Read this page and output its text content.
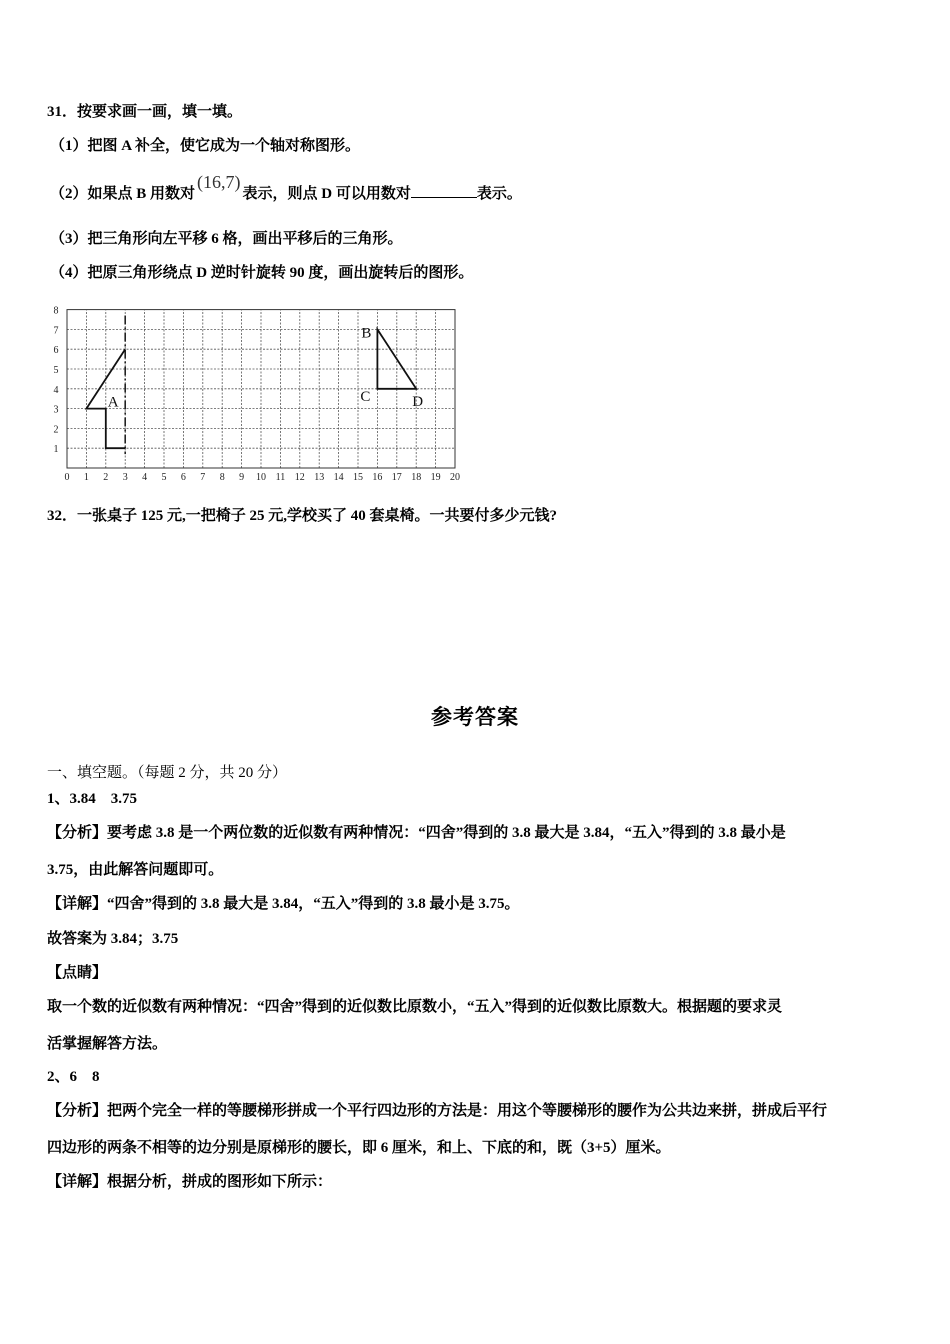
31．按要求画一画，填一填。
（1）把图 A 补全，使它成为一个轴对称图形。
（2）如果点 B 用数对(16,7)表示，则点 D 可以用数对	表示。
（3）把三角形向左平移 6 格，画出平移后的三角形。
（4）把原三角形绕点 D 逆时针旋转 90 度，画出旋转后的图形。
0 1 2 3 4 5 6 7 8 9 10 11 12 13 14 15 16 17 18 19 20
1
2
3
4
5
6
7
8
A
B
C	D
32．一张桌子 125 元,一把椅子 25 元,学校买了 40 套桌椅。一共要付多少元钱?
参考答案
一、填空题。（每题 2 分，共 20 分）
1、3.84　3.75
【分析】要考虑 3.8 是一个两位数的近似数有两种情况：“四舍”得到的 3.8 最大是 3.84，“五入”得到的 3.8 最小是
3.75，由此解答问题即可。
【详解】“四舍”得到的 3.8 最大是 3.84，“五入”得到的 3.8 最小是 3.75。
故答案为 3.84；3.75
【点睛】
取一个数的近似数有两种情况：“四舍”得到的近似数比原数小，“五入”得到的近似数比原数大。根据题的要求灵
活掌握解答方法。
2、6　8
【分析】把两个完全一样的等腰梯形拼成一个平行四边形的方法是：用这个等腰梯形的腰作为公共边来拼，拼成后平行
四边形的两条不相等的边分别是原梯形的腰长，即 6 厘米，和上、下底的和，既（3+5）厘米。
【详解】根据分析，拼成的图形如下所示：
